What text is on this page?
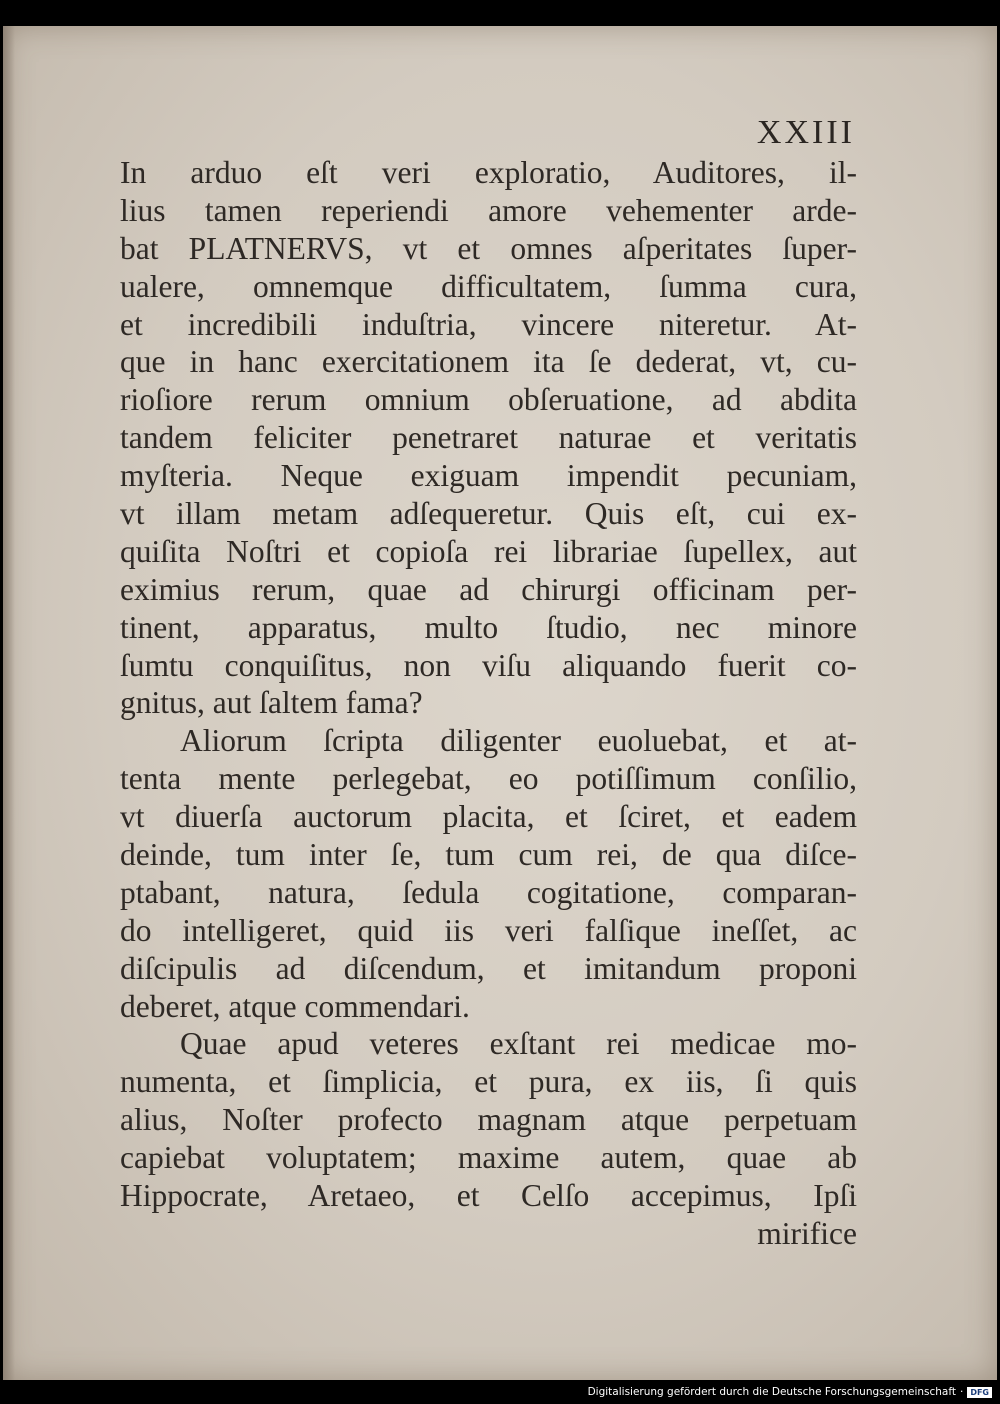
XXIII
In arduo eſt veri exploratio, Auditores, il-
lius tamen reperiendi amore vehementer arde-
bat PLATNERVS, vt et omnes aſperitates ſuper-
ualere, omnemque difficultatem, ſumma cura,
et incredibili induſtria, vincere niteretur. At-
que in hanc exercitationem ita ſe dederat, vt, cu-
rioſiore rerum omnium obſeruatione, ad abdita
tandem feliciter penetraret naturae et veritatis
myſteria. Neque exiguam impendit pecuniam,
vt illam metam adſequeretur. Quis eſt, cui ex-
quiſita Noſtri et copioſa rei librariae ſupellex, aut
eximius rerum, quae ad chirurgi officinam per-
tinent, apparatus, multo ſtudio, nec minore
ſumtu conquiſitus, non viſu aliquando fuerit co-
gnitus, aut ſaltem fama?
Aliorum ſcripta diligenter euoluebat, et at-
tenta mente perlegebat, eo potiſſimum conſilio,
vt diuerſa auctorum placita, et ſciret, et eadem
deinde, tum inter ſe, tum cum rei, de qua diſce-
ptabant, natura, ſedula cogitatione, comparan-
do intelligeret, quid iis veri falſique ineſſet, ac
diſcipulis ad diſcendum, et imitandum proponi
deberet, atque commendari.
Quae apud veteres exſtant rei medicae mo-
numenta, et ſimplicia, et pura, ex iis, ſi quis
alius, Noſter profecto magnam atque perpetuam
capiebat voluptatem; maxime autem, quae ab
Hippocrate, Aretaeo, et Celſo accepimus, Ipſi
mirifice
Digitalisierung gefördert durch die Deutsche Forschungsgemeinschaft · DFG
